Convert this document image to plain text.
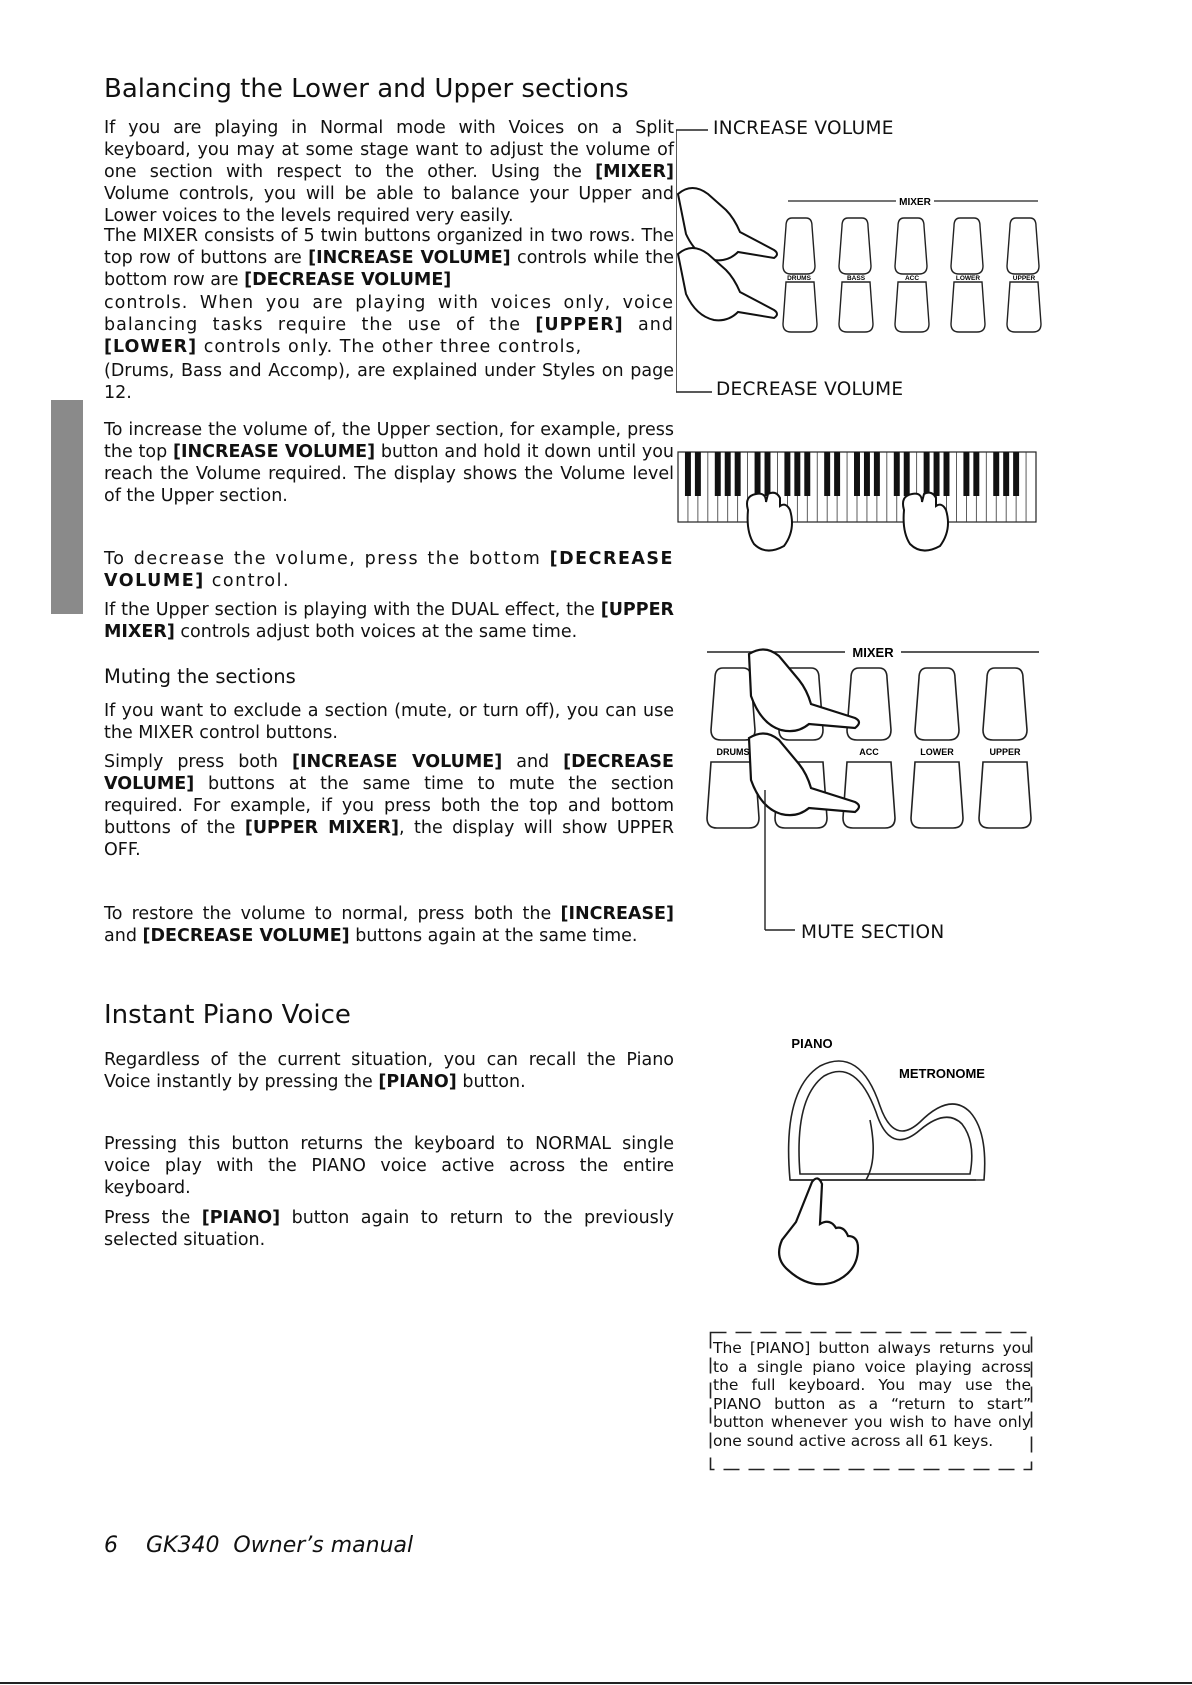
Balancing the Lower and Upper sections

If you are playing in Normal mode with Voices on a Split keyboard, you may at some stage want to adjust the volume of one section with respect to the other. Using the [MIXER] Volume controls, you will be able to balance your Upper and Lower voices to the levels required very easily.

The MIXER consists of 5 twin buttons organized in two rows. The top row of buttons are [INCREASE VOLUME] controls while the bottom row are [DECREASE VOLUME]

controls. When you are playing with voices only, voice balancing tasks require the use of the [UPPER] and [LOWER] controls only. The other three controls,

(Drums, Bass and Accomp), are explained under Styles on page 12.

To increase the volume of, the Upper section, for example, press the top [INCREASE VOLUME] button and hold it down until you reach the Volume required. The display shows the Volume level of the Upper section.

To decrease the volume, press the bottom [DECREASE VOLUME] control.

If the Upper section is playing with the DUAL effect, the [UPPER MIXER] controls adjust both voices at the same time.

Muting the sections

If you want to exclude a section (mute, or turn off), you can use the MIXER control buttons.

Simply press both [INCREASE VOLUME] and [DECREASE VOLUME] buttons at the same time to mute the section required. For example, if you press both the top and bottom buttons of the [UPPER MIXER], the display will show UPPER OFF.

To restore the volume to normal, press both the [INCREASE] and [DECREASE VOLUME] buttons again at the same time.

Instant Piano Voice

Regardless of the current situation, you can recall the Piano Voice instantly by pressing the [PIANO] button.

Pressing this button returns the keyboard to NORMAL single voice play with the PIANO voice active across the entire keyboard.

Press the [PIANO] button again to return to the previously selected situation.

INCREASE VOLUME
DECREASE VOLUME
MIXER
DRUMS	BASS	ACC	LOWER	UPPER
MUTE SECTION
MIXER
DRUMS	ACC	LOWER	UPPER
PIANO
METRONOME

The [PIANO] button always returns you to a single piano voice playing across the full keyboard. You may use the PIANO button as a “return to start” button whenever you wish to have only one sound active across all 61 keys.

6 GK340  Owner’s manual
